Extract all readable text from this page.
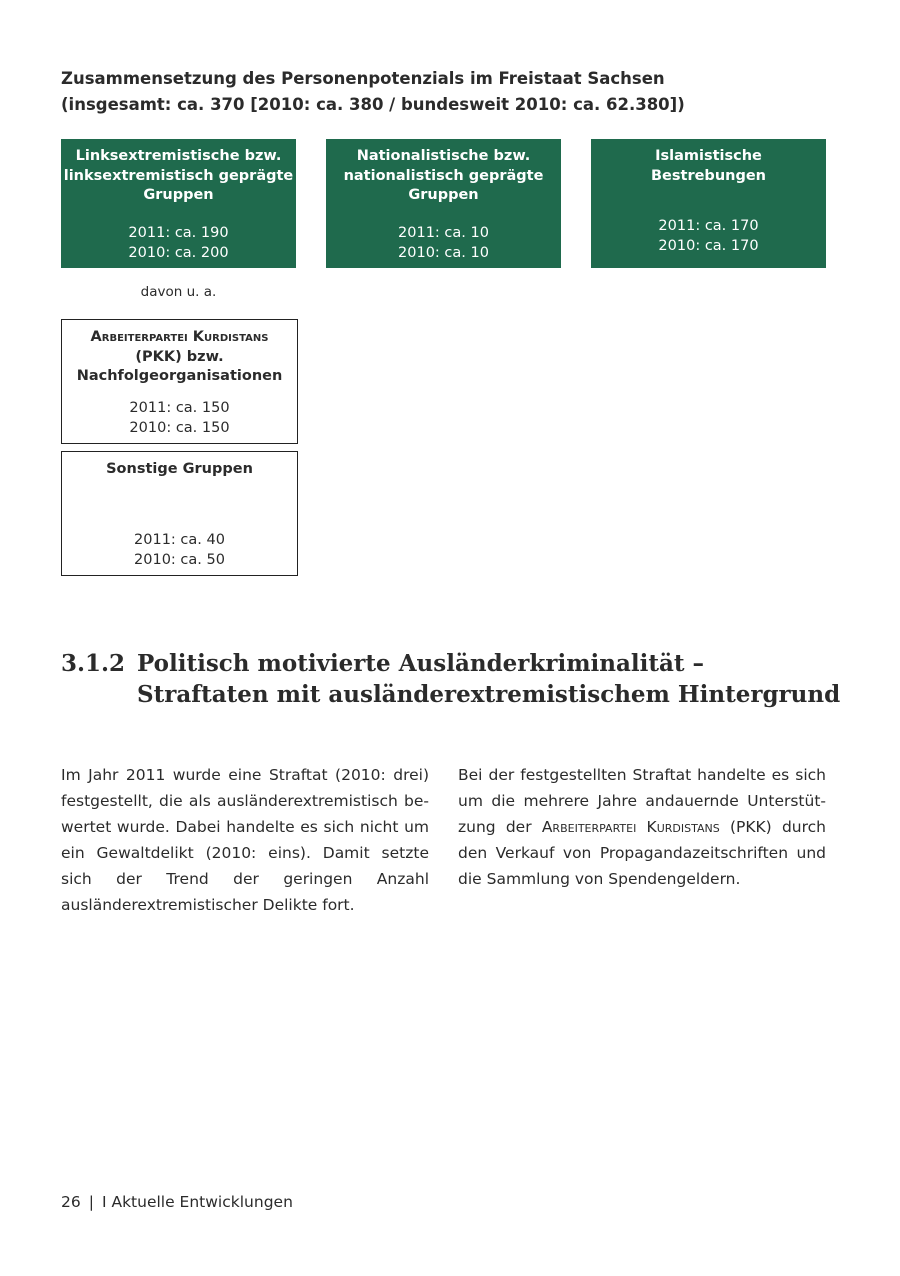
Zusammensetzung des Personenpotenzials im Freistaat Sachsen
(insgesamt: ca. 370 [2010: ca. 380 / bundesweit 2010: ca. 62.380])
Linksextremistische bzw.
linksextremistisch geprägte
Gruppen
2011: ca. 190
2010: ca. 200
Nationalistische bzw.
nationalistisch geprägte
Gruppen
2011: ca. 10
2010: ca. 10
Islamistische
Bestrebungen
2011: ca. 170
2010: ca. 170
davon u. a.
Arbeiterpartei Kurdistans
(PKK) bzw.
Nachfolgeorganisationen
2011: ca. 150
2010: ca. 150
Sonstige Gruppen
2011: ca. 40
2010: ca. 50
3.1.2 Politisch motivierte Ausländerkriminalität –
Straftaten mit ausländerextremistischem Hintergrund
Im Jahr 2011 wurde eine Straftat (2010: drei) festgestellt, die als ausländerextremistisch bewertet wurde. Dabei handelte es sich nicht um ein Gewaltdelikt (2010: eins). Damit setzte sich der Trend der geringen Anzahl ausländerextremistischer Delikte fort.
Bei der festgestellten Straftat handelte es sich um die mehrere Jahre andauernde Unterstützung der Arbeiterpartei Kurdistans (PKK) durch den Verkauf von Propagandazeitschriften und die Sammlung von Spendengeldern.
26 | I Aktuelle Entwicklungen
